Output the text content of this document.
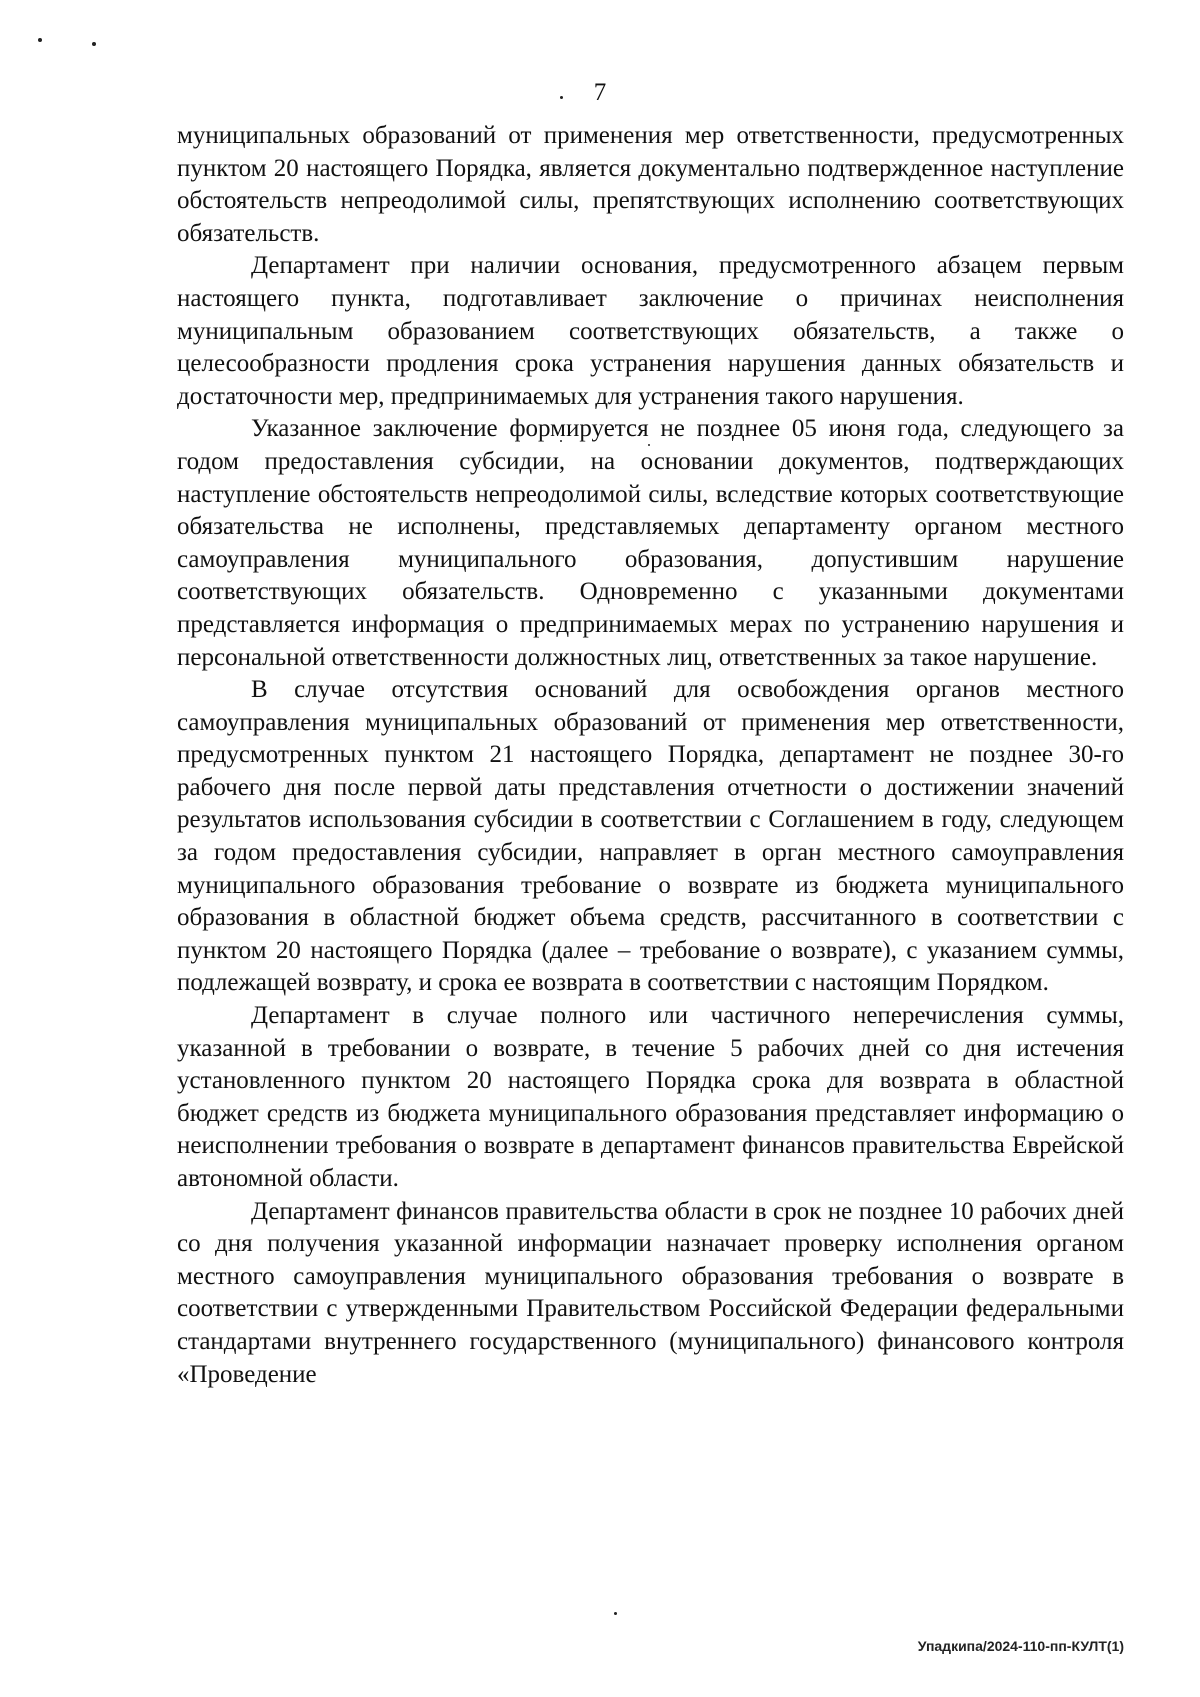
7

муниципальных образований от применения мер ответственности, предусмотренных пунктом 20 настоящего Порядка, является документально подтвержденное наступление обстоятельств непреодолимой силы, препятствующих исполнению соответствующих обязательств.

Департамент при наличии основания, предусмотренного абзацем первым настоящего пункта, подготавливает заключение о причинах неисполнения муниципальным образованием соответствующих обязательств, а также о целесообразности продления срока устранения нарушения данных обязательств и достаточности мер, предпринимаемых для устранения такого нарушения.

Указанное заключение формируется не позднее 05 июня года, следующего за годом предоставления субсидии, на основании документов, подтверждающих наступление обстоятельств непреодолимой силы, вследствие которых соответствующие обязательства не исполнены, представляемых департаменту органом местного самоуправления муниципального образования, допустившим нарушение соответствующих обязательств. Одновременно с указанными документами представляется информация о предпринимаемых мерах по устранению нарушения и персональной ответственности должностных лиц, ответственных за такое нарушение.

В случае отсутствия оснований для освобождения органов местного самоуправления муниципальных образований от применения мер ответственности, предусмотренных пунктом 21 настоящего Порядка, департамент не позднее 30-го рабочего дня после первой даты представления отчетности о достижении значений результатов использования субсидии в соответствии с Соглашением в году, следующем за годом предоставления субсидии, направляет в орган местного самоуправления муниципального образования требование о возврате из бюджета муниципального образования в областной бюджет объема средств, рассчитанного в соответствии с пунктом 20 настоящего Порядка (далее – требование о возврате), с указанием суммы, подлежащей возврату, и срока ее возврата в соответствии с настоящим Порядком.

Департамент в случае полного или частичного неперечисления суммы, указанной в требовании о возврате, в течение 5 рабочих дней со дня истечения установленного пунктом 20 настоящего Порядка срока для возврата в областной бюджет средств из бюджета муниципального образования представляет информацию о неисполнении требования о возврате в департамент финансов правительства Еврейской автономной области.

Департамент финансов правительства области в срок не позднее 10 рабочих дней со дня получения указанной информации назначает проверку исполнения органом местного самоуправления муниципального образования требования о возврате в соответствии с утвержденными Правительством Российской Федерации федеральными стандартами внутреннего государственного (муниципального) финансового контроля «Проведение

Упадкипа/2024-110-пп-КУЛТ(1)
